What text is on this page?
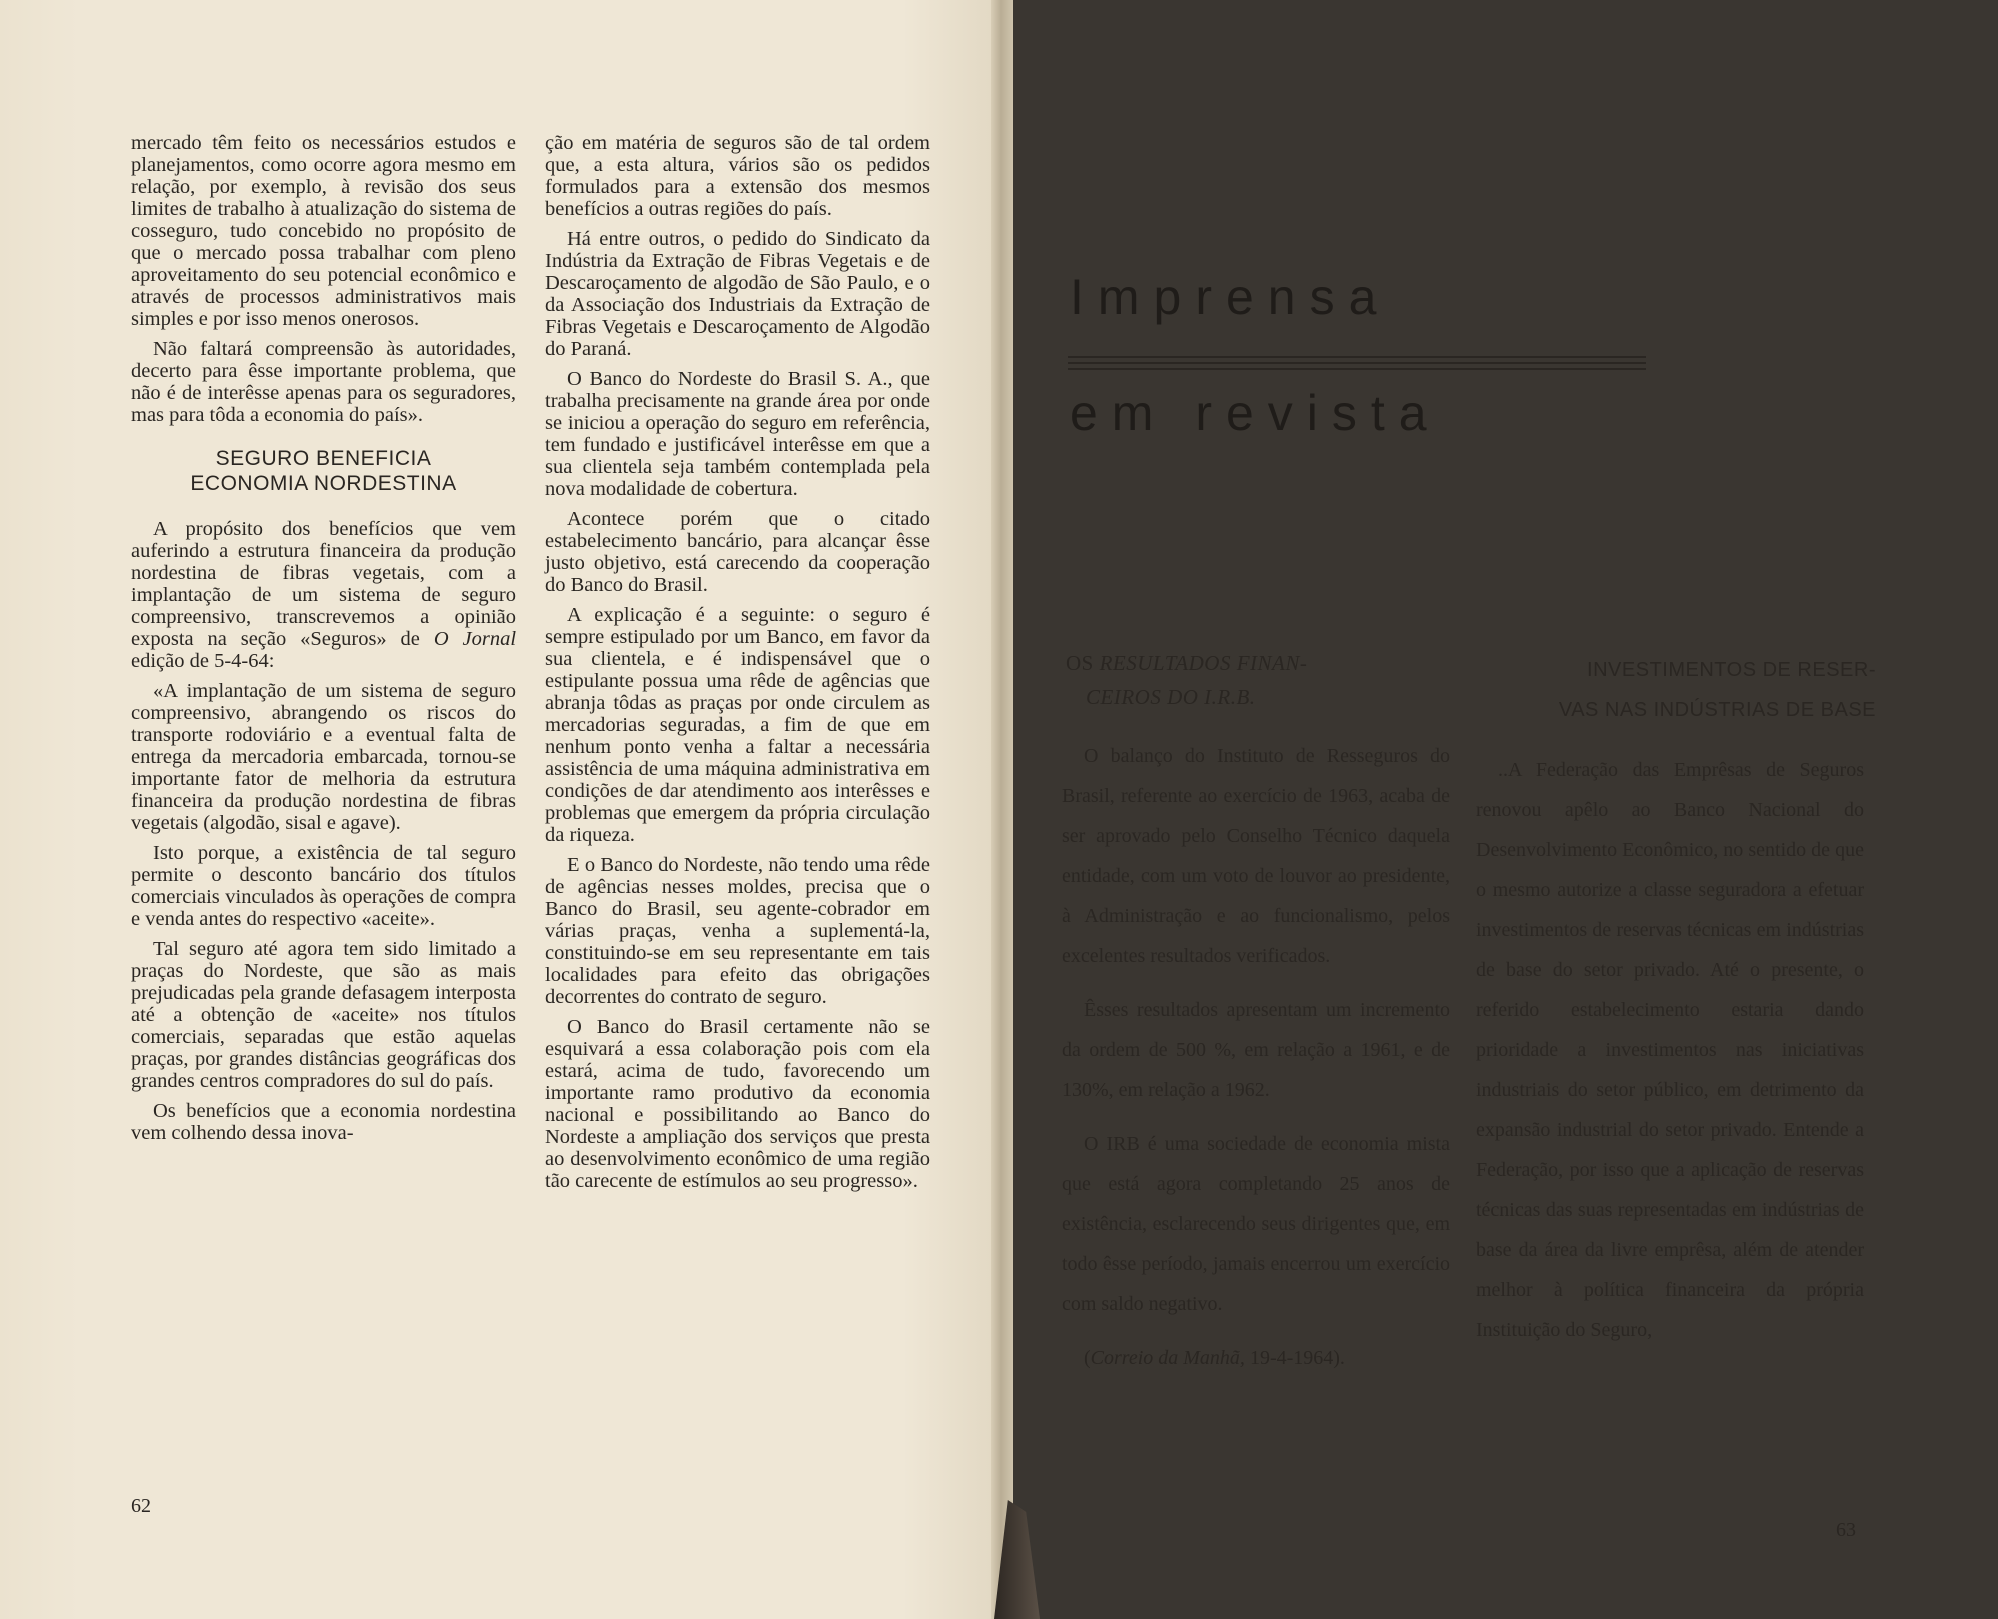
mercado têm feito os necessários estudos e planejamentos, como ocorre agora mesmo em relação, por exemplo, à revisão dos seus limites de trabalho à atualização do sistema de cosseguro, tudo concebido no propósito de que o mercado possa trabalhar com pleno aproveitamento do seu potencial econômico e através de processos administrativos mais simples e por isso menos onerosos.

Não faltará compreensão às autoridades, decerto para êsse importante problema, que não é de interêsse apenas para os seguradores, mas para tôda a economia do país».

SEGURO BENEFICIA
ECONOMIA NORDESTINA

A propósito dos benefícios que vem auferindo a estrutura financeira da produção nordestina de fibras vegetais, com a implantação de um sistema de seguro compreensivo, transcrevemos a opinião exposta na seção «Seguros» de O Jornal edição de 5-4-64:

«A implantação de um sistema de seguro compreensivo, abrangendo os riscos do transporte rodoviário e a eventual falta de entrega da mercadoria embarcada, tornou-se importante fator de melhoria da estrutura financeira da produção nordestina de fibras vegetais (algodão, sisal e agave).

Isto porque, a existência de tal seguro permite o desconto bancário dos títulos comerciais vinculados às operações de compra e venda antes do respectivo «aceite».

Tal seguro até agora tem sido limitado a praças do Nordeste, que são as mais prejudicadas pela grande defasagem interposta até a obtenção de «aceite» nos títulos comerciais, separadas que estão aquelas praças, por grandes distâncias geográficas dos grandes centros compradores do sul do país.

Os benefícios que a economia nordestina vem colhendo dessa inova-

ção em matéria de seguros são de tal ordem que, a esta altura, vários são os pedidos formulados para a extensão dos mesmos benefícios a outras regiões do país.

Há entre outros, o pedido do Sindicato da Indústria da Extração de Fibras Vegetais e de Descaroçamento de algodão de São Paulo, e o da Associação dos Industriais da Extração de Fibras Vegetais e Descaroçamento de Algodão do Paraná.

O Banco do Nordeste do Brasil S. A., que trabalha precisamente na grande área por onde se iniciou a operação do seguro em referência, tem fundado e justificável interêsse em que a sua clientela seja também contemplada pela nova modalidade de cobertura.

Acontece porém que o citado estabelecimento bancário, para alcançar êsse justo objetivo, está carecendo da cooperação do Banco do Brasil.

A explicação é a seguinte: o seguro é sempre estipulado por um Banco, em favor da sua clientela, e é indispensável que o estipulante possua uma rêde de agências que abranja tôdas as praças por onde circulem as mercadorias seguradas, a fim de que em nenhum ponto venha a faltar a necessária assistência de uma máquina administrativa em condições de dar atendimento aos interêsses e problemas que emergem da própria circulação da riqueza.

E o Banco do Nordeste, não tendo uma rêde de agências nesses moldes, precisa que o Banco do Brasil, seu agente-cobrador em várias praças, venha a suplementá-la, constituindo-se em seu representante em tais localidades para efeito das obrigações decorrentes do contrato de seguro.

O Banco do Brasil certamente não se esquivará a essa colaboração pois com ela estará, acima de tudo, favorecendo um importante ramo produtivo da economia nacional e possibilitando ao Banco do Nordeste a ampliação dos serviços que presta ao desenvolvimento econômico de uma região tão carecente de estímulos ao seu progresso».

62
Imprensa
em revista
OS RESULTADOS FINAN-
CEIROS DO I.R.B.

O balanço do Instituto de Resseguros do Brasil, referente ao exercício de 1963, acaba de ser aprovado pelo Conselho Técnico daquela entidade, com um voto de louvor ao presidente, à Administração e ao funcionalismo, pelos excelentes resultados verificados.

Êsses resultados apresentam um incremento da ordem de 500 %, em relação a 1961, e de 130%, em relação a 1962.

O IRB é uma sociedade de economia mista que está agora completando 25 anos de existência, esclarecendo seus dirigentes que, em todo êsse período, jamais encerrou um exercício com saldo negativo.

(Correio da Manhã, 19-4-1964).

INVESTIMENTOS DE RESER-
VAS NAS INDÚSTRIAS DE BASE

..A Federação das Emprêsas de Seguros renovou apêlo ao Banco Nacional do Desenvolvimento Econômico, no sentido de que o mesmo autorize a classe seguradora a efetuar investimentos de reservas técnicas em indústrias de base do setor privado. Até o presente, o referido estabelecimento estaria dando prioridade a investimentos nas iniciativas industriais do setor público, em detrimento da expansão industrial do setor privado. Entende a Federação, por isso que a aplicação de reservas técnicas das suas representadas em indústrias de base da área da livre emprêsa, além de atender melhor à política financeira da própria Instituição do Seguro,

63
